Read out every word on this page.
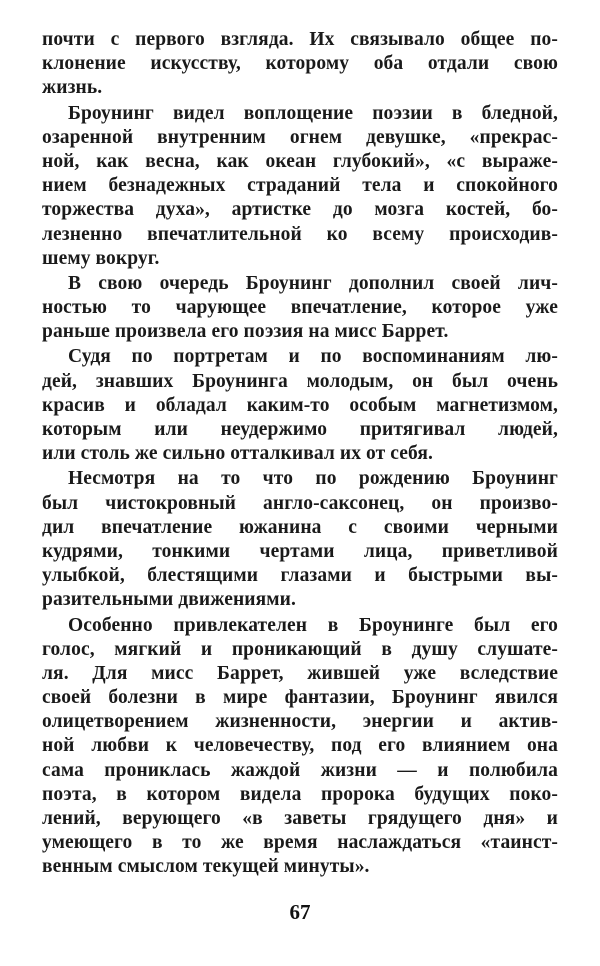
почти с первого взгляда. Их связывало общее по-
клонение искусству, которому оба отдали свою
жизнь.
Броунинг видел воплощение поэзии в бледной,
озаренной внутренним огнем девушке, «прекрас-
ной, как весна, как океан глубокий», «с выраже-
нием безнадежных страданий тела и спокойного
торжества духа», артистке до мозга костей, бо-
лезненно впечатлительной ко всему происходив-
шему вокруг.
В свою очередь Броунинг дополнил своей лич-
ностью то чарующее впечатление, которое уже
раньше произвела его поэзия на мисс Баррет.
Судя по портретам и по воспоминаниям лю-
дей, знавших Броунинга молодым, он был очень
красив и обладал каким-то особым магнетизмом,
которым или неудержимо притягивал людей,
или столь же сильно отталкивал их от себя.
Несмотря на то что по рождению Броунинг
был чистокровный англо-саксонец, он произво-
дил впечатление южанина с своими черными
кудрями, тонкими чертами лица, приветливой
улыбкой, блестящими глазами и быстрыми вы-
разительными движениями.
Особенно привлекателен в Броунинге был его
голос, мягкий и проникающий в душу слушате-
ля. Для мисс Баррет, жившей уже вследствие
своей болезни в мире фантазии, Броунинг явился
олицетворением жизненности, энергии и актив-
ной любви к человечеству, под его влиянием она
сама прониклась жаждой жизни — и полюбила
поэта, в котором видела пророка будущих поко-
лений, верующего «в заветы грядущего дня» и
умеющего в то же время наслаждаться «таинст-
венным смыслом текущей минуты».
67
